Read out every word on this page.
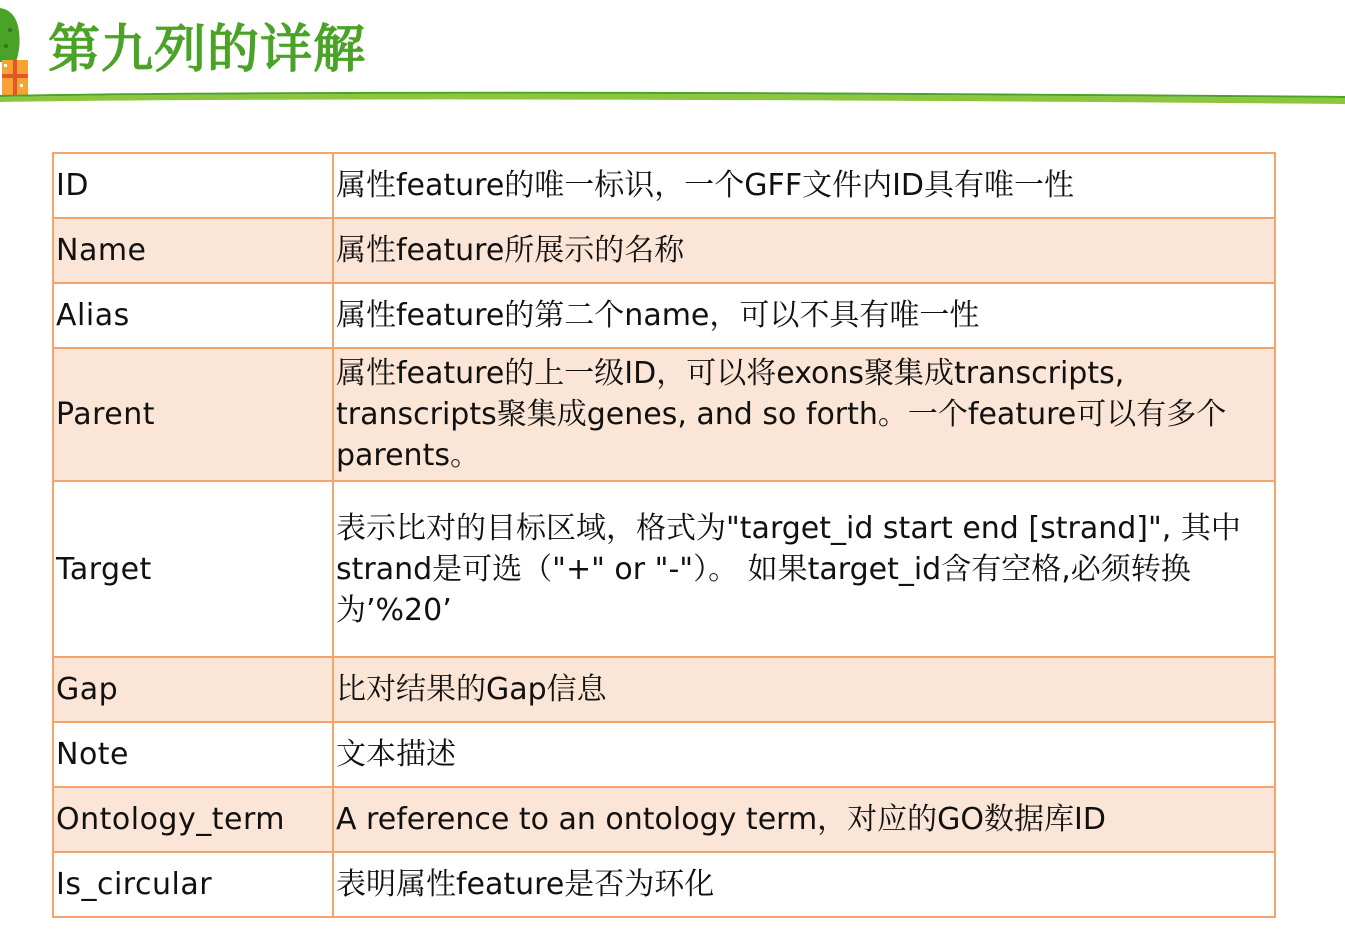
第九列的详解
ID	属性feature的唯一标识，一个GFF文件内ID具有唯一性
Name	属性feature所展示的名称
Alias	属性feature的第二个name，可以不具有唯一性
Parent	属性feature的上一级ID，可以将exons聚集成transcripts, transcripts聚集成genes, and so forth。一个feature可以有多个parents。
Target	表示比对的目标区域，格式为"target_id start end [strand]", 其中strand是可选（"+" or "-"）。 如果target_id含有空格,必须转换为’%20’
Gap	比对结果的Gap信息
Note	文本描述
Ontology_term	A reference to an ontology term，对应的GO数据库ID
Is_circular	表明属性feature是否为环化
